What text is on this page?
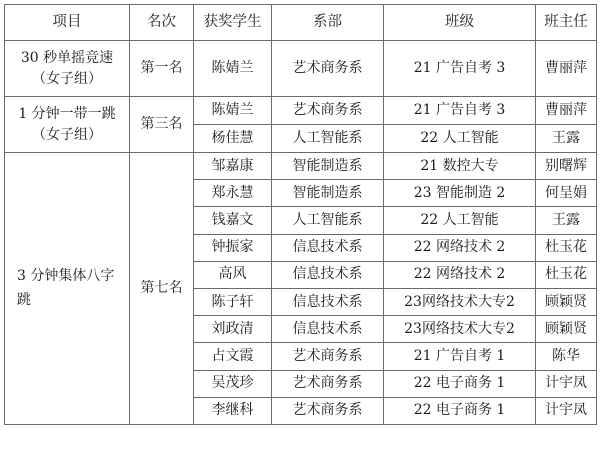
项目	名次	获奖学生	系部	班级	班主任

30 秒单摇竞速
（女子组）	第一名	陈婧兰	艺术商务系	21 广告自考 3	曹丽萍

1 分钟一带一跳
（女子组）	第三名	陈婧兰	艺术商务系	21 广告自考 3	曹丽萍
		杨佳慧	人工智能系	22 人工智能	王露

3 分钟集体八字
跳	第七名	邹嘉康	智能制造系	21 数控大专	别曙辉
		郑永慧	智能制造系	23 智能制造 2	何呈娟
		钱嘉文	人工智能系	22 人工智能	王露
		钟振家	信息技术系	22 网络技术 2	杜玉花
		高风	信息技术系	22 网络技术 2	杜玉花
		陈子轩	信息技术系	23网络技术大专2	顾颖贤
		刘政清	信息技术系	23网络技术大专2	顾颖贤
		占文霞	艺术商务系	21 广告自考 1	陈华
		吴茂珍	艺术商务系	22 电子商务 1	计宇凤
		李继科	艺术商务系	22 电子商务 1	计宇凤
